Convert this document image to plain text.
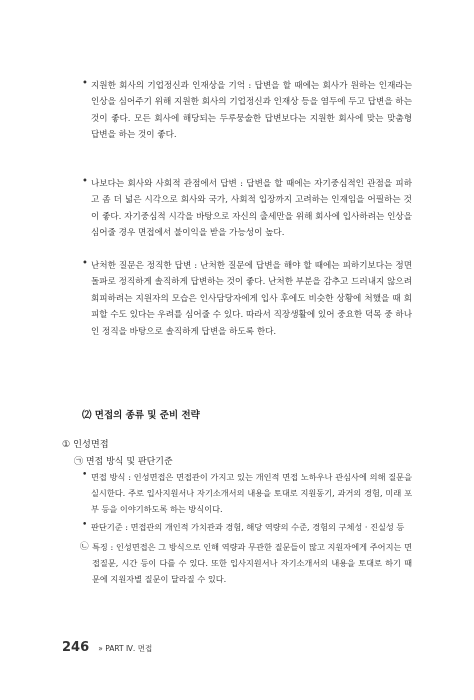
• 지원한 회사의 기업정신과 인재상을 기억 : 답변을 할 때에는 회사가 원하는 인재라는 인상을 심어주기 위해 지원한 회사의 기업정신과 인재상 등을 염두에 두고 답변을 하는 것이 좋다. 모든 회사에 해당되는 두루뭉술한 답변보다는 지원한 회사에 맞는 맞춤형 답변을 하는 것이 좋다.
• 나보다는 회사와 사회적 관점에서 답변 : 답변을 할 때에는 자기중심적인 관점을 피하고 좀 더 넓은 시각으로 회사와 국가, 사회적 입장까지 고려하는 인재임을 어필하는 것이 좋다. 자기중심적 시각을 바탕으로 자신의 출세만을 위해 회사에 입사하려는 인상을 심어줄 경우 면접에서 불이익을 받을 가능성이 높다.
• 난처한 질문은 정직한 답변 : 난처한 질문에 답변을 해야 할 때에는 피하기보다는 정면 돌파로 정직하게 솔직하게 답변하는 것이 좋다. 난처한 부분을 감추고 드러내지 않으려 회피하려는 지원자의 모습은 인사담당자에게 입사 후에도 비슷한 상황에 처했을 때 회피할 수도 있다는 우려를 심어줄 수 있다. 따라서 직장생활에 있어 중요한 덕목 중 하나인 정직을 바탕으로 솔직하게 답변을 하도록 한다.
⑵ 면접의 종류 및 준비 전략
① 인성면접
㉠ 면접 방식 및 판단기준
• 면접 방식 : 인성면접은 면접관이 가지고 있는 개인적 면접 노하우나 관심사에 의해 질문을 실시한다. 주로 입사지원서나 자기소개서의 내용을 토대로 지원동기, 과거의 경험, 미래 포부 등을 이야기하도록 하는 방식이다.
• 판단기준 : 면접관의 개인적 가치관과 경험, 해당 역량의 수준, 경험의 구체성 · 진실성 등
㉡ 특징 : 인성면접은 그 방식으로 인해 역량과 무관한 질문들이 많고 지원자에게 주어지는 면접질문, 시간 등이 다를 수 있다. 또한 입사지원서나 자기소개서의 내용을 토대로 하기 때문에 지원자별 질문이 달라질 수 있다.
246 » PART Ⅳ. 면접
